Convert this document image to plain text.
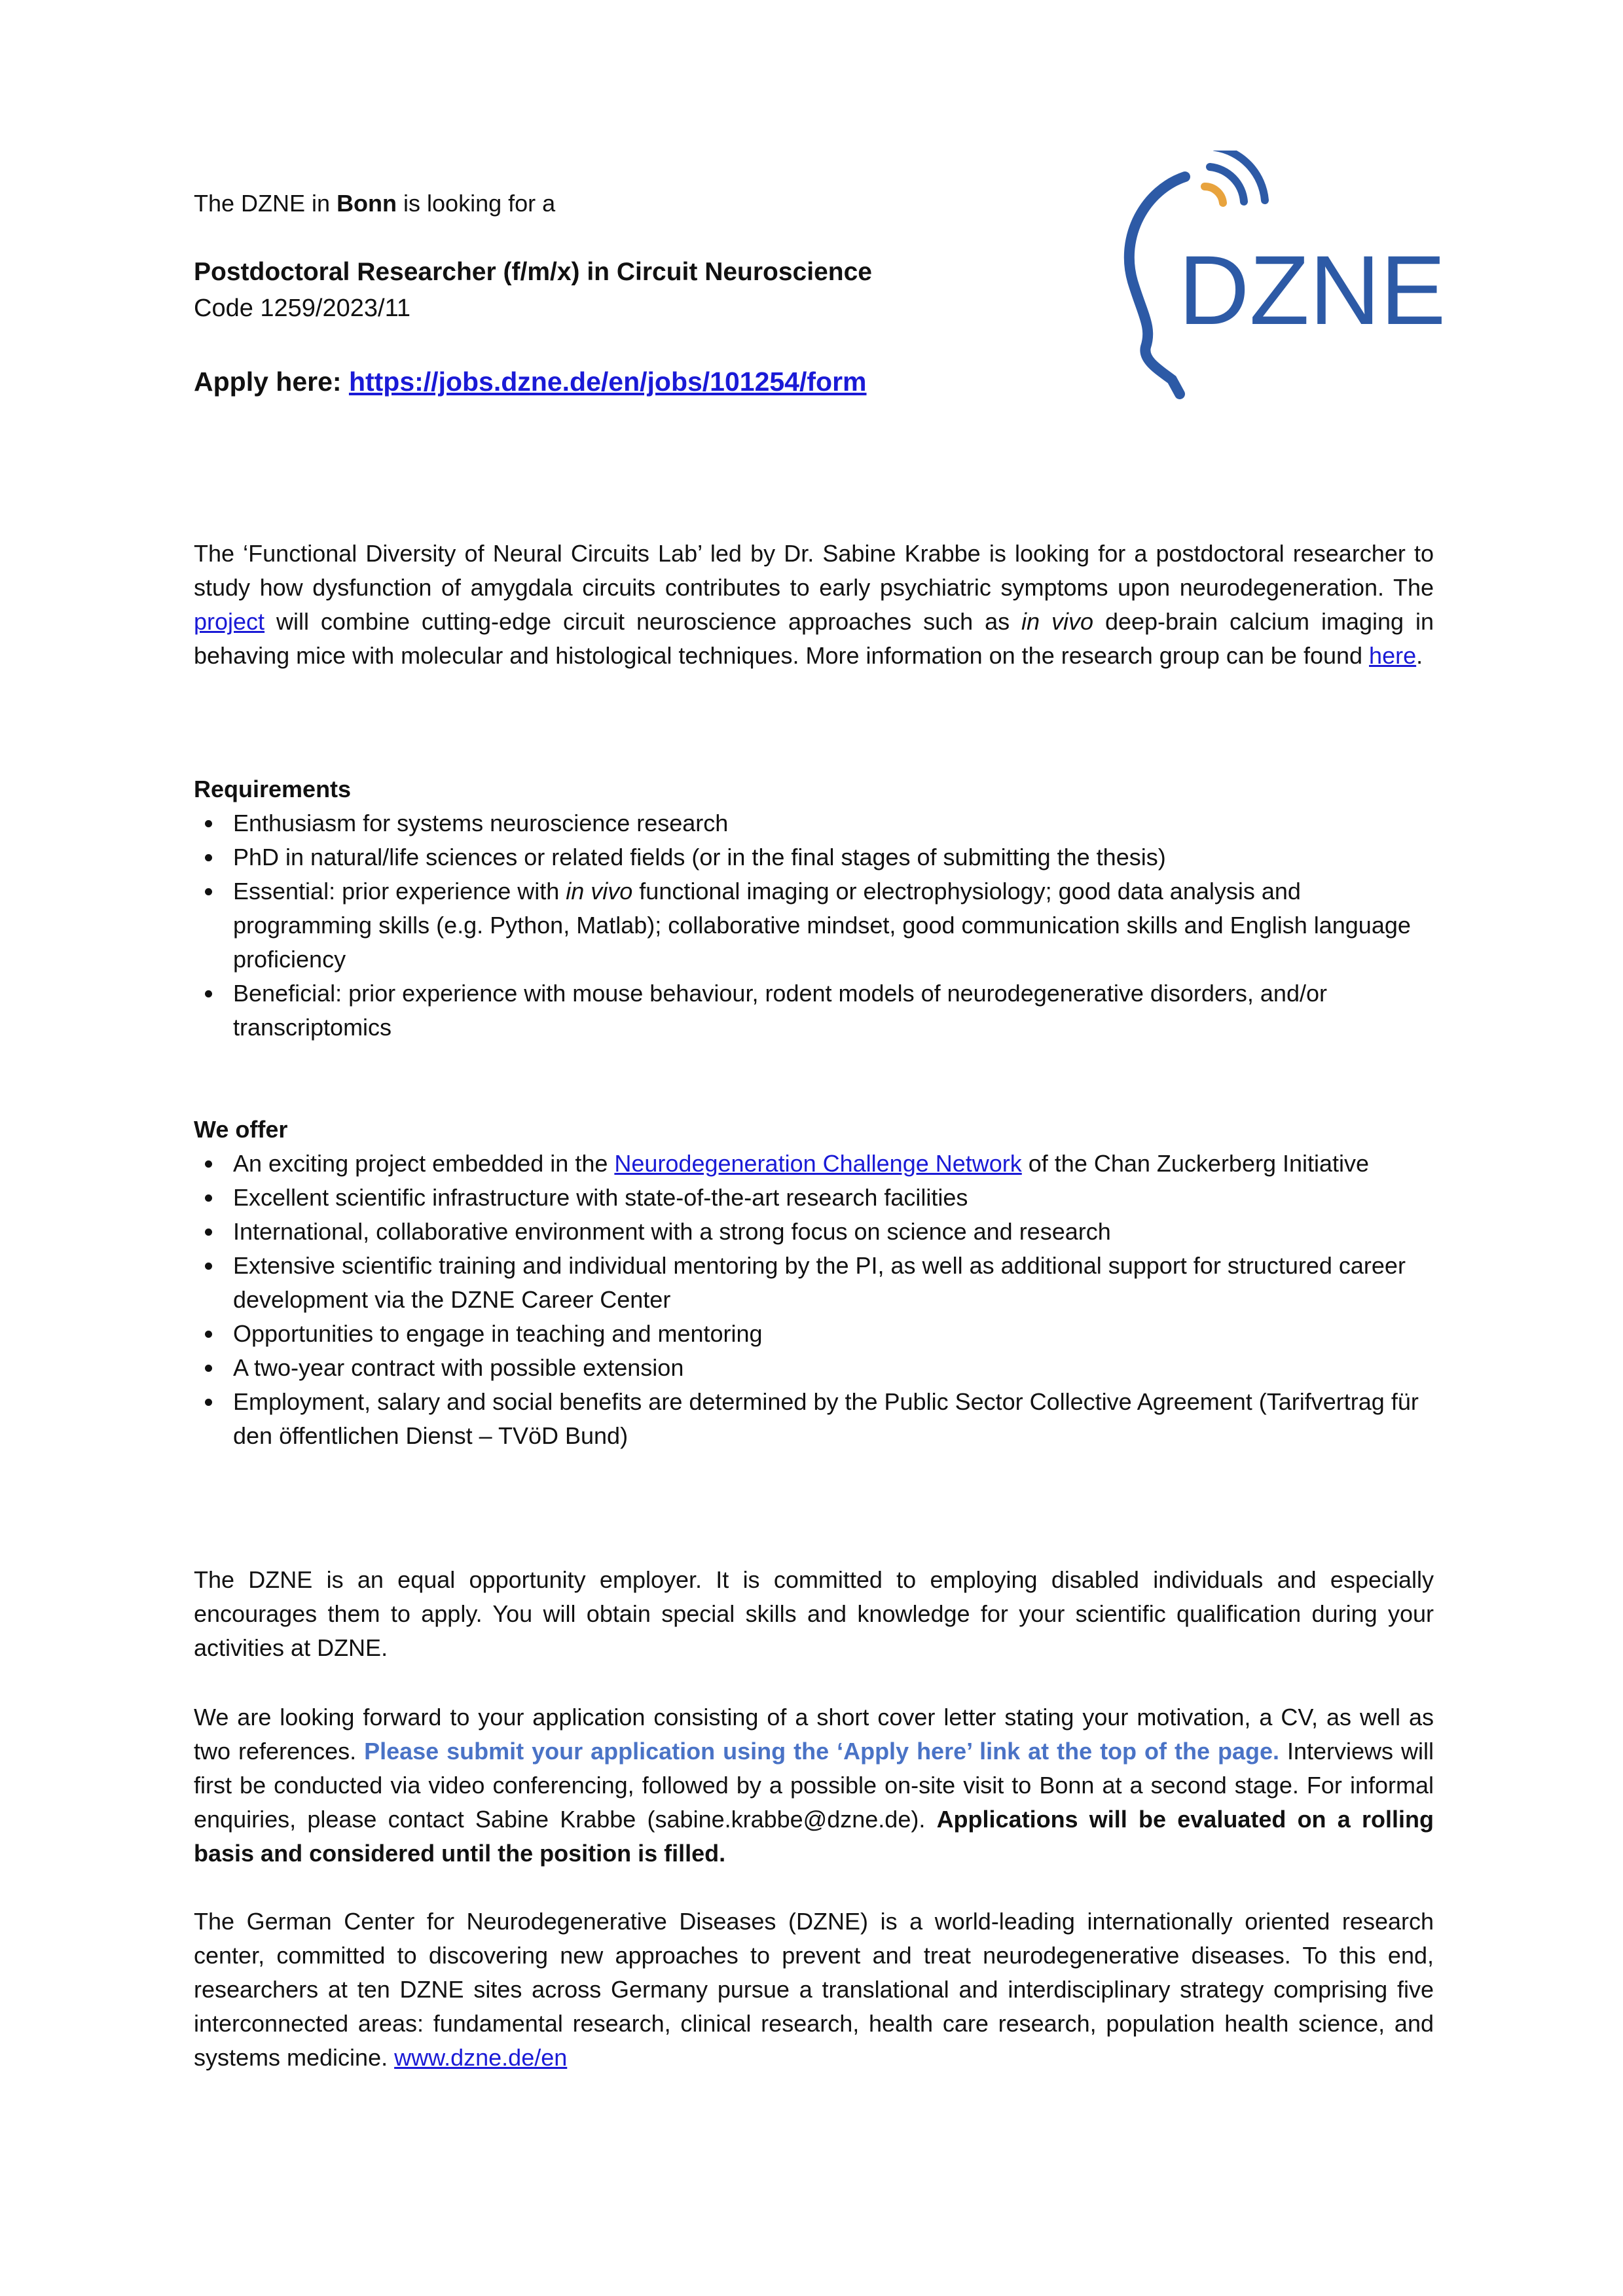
The DZNE in Bonn is looking for a
Postdoctoral Researcher (f/m/x) in Circuit Neuroscience
Code 1259/2023/11
Apply here: https://jobs.dzne.de/en/jobs/101254/form
DZNE
The ‘Functional Diversity of Neural Circuits Lab’ led by Dr. Sabine Krabbe is looking for a postdoctoral researcher to study how dysfunction of amygdala circuits contributes to early psychiatric symptoms upon neurodegeneration. The project will combine cutting-edge circuit neuroscience approaches such as in vivo deep-brain calcium imaging in behaving mice with molecular and histological techniques. More information on the research group can be found here.
Requirements
Enthusiasm for systems neuroscience research
PhD in natural/life sciences or related fields (or in the final stages of submitting the thesis)
Essential: prior experience with in vivo functional imaging or electrophysiology; good data analysis and programming skills (e.g. Python, Matlab); collaborative mindset, good communication skills and English language proficiency
Beneficial: prior experience with mouse behaviour, rodent models of neurodegenerative disorders, and/or transcriptomics
We offer
An exciting project embedded in the Neurodegeneration Challenge Network of the Chan Zuckerberg Initiative
Excellent scientific infrastructure with state-of-the-art research facilities
International, collaborative environment with a strong focus on science and research
Extensive scientific training and individual mentoring by the PI, as well as additional support for structured career development via the DZNE Career Center
Opportunities to engage in teaching and mentoring
A two-year contract with possible extension
Employment, salary and social benefits are determined by the Public Sector Collective Agreement (Tarifvertrag für den öffentlichen Dienst – TVöD Bund)
The DZNE is an equal opportunity employer. It is committed to employing disabled individuals and especially encourages them to apply. You will obtain special skills and knowledge for your scientific qualification during your activities at DZNE.
We are looking forward to your application consisting of a short cover letter stating your motivation, a CV, as well as two references. Please submit your application using the ‘Apply here’ link at the top of the page. Interviews will first be conducted via video conferencing, followed by a possible on-site visit to Bonn at a second stage. For informal enquiries, please contact Sabine Krabbe (sabine.krabbe@dzne.de). Applications will be evaluated on a rolling basis and considered until the position is filled.
The German Center for Neurodegenerative Diseases (DZNE) is a world-leading internationally oriented research center, committed to discovering new approaches to prevent and treat neurodegenerative diseases. To this end, researchers at ten DZNE sites across Germany pursue a translational and interdisciplinary strategy comprising five interconnected areas: fundamental research, clinical research, health care research, population health science, and systems medicine. www.dzne.de/en
